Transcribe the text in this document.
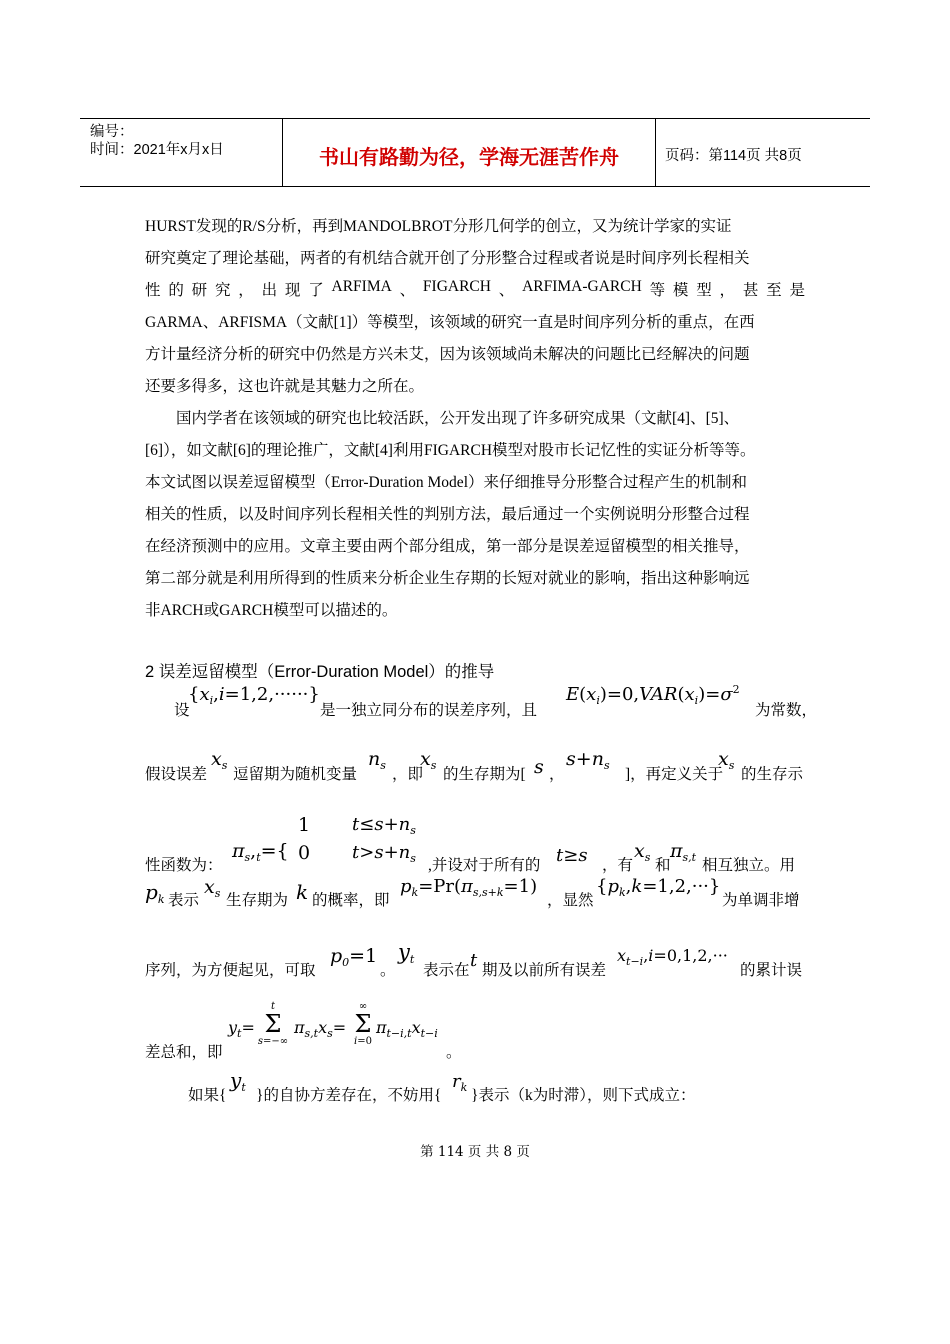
编号：
时间：2021年x月x日	书山有路勤为径，学海无涯苦作舟	页码：第114页 共8页
HURST发现的R/S分析，再到MANDOLBROT分形几何学的创立，又为统计学家的实证
研究奠定了理论基础，两者的有机结合就开创了分形整合过程或者说是时间序列长程相关
性 的 研 究 ， 出 现 了 ARFIMA 、 FIGARCH 、 ARFIMA-GARCH 等 模 型 ， 甚 至 是
GARMA、ARFISMA（文献[1]）等模型，该领域的研究一直是时间序列分析的重点，在西
方计量经济分析的研究中仍然是方兴未艾，因为该领域尚未解决的问题比已经解决的问题
还要多得多，这也许就是其魅力之所在。
国内学者在该领域的研究也比较活跃，公开发出现了许多研究成果（文献[4]、[5]、
[6]），如文献[6]的理论推广，文献[4]利用FIGARCH模型对股市长记忆性的实证分析等等。
本文试图以误差逗留模型（Error-Duration Model）来仔细推导分形整合过程产生的机制和
相关的性质，以及时间序列长程相关性的判别方法，最后通过一个实例说明分形整合过程
在经济预测中的应用。文章主要由两个部分组成，第一部分是误差逗留模型的相关推导，
第二部分就是利用所得到的性质来分析企业生存期的长短对就业的影响，指出这种影响远
非ARCH或GARCH模型可以描述的。
2 误差逗留模型（Error-Duration Model）的推导
设
$\{x_i,i=1,2,\cdot\cdot\cdot\cdot\cdot\cdot\}$
是一独立同分布的误差序列，且
$E(x_i)=0,VAR(x_i)=\sigma^2$
为常数，
假设误差
$x_s$
逗留期为随机变量
$n_s$
，即
$x_s$
的生存期为[ s ，
$s+n_s$
]，再定义关于
$x_s$
的生存示
1 $t\le s+n_s$
性函数为：
$\pi_s,_t=${ 0 $t>s+n_s$ ,并设对于所有的 t≥s ，有
$x_s$ 和
$\pi_{s,t}$ 相互独立。用
$p_k$ 表示
$x_s$ 生存期为 k 的概率，即
$p_k=Pr(\pi_{s,s+k}=1)$
，显然
$\{p_k,k=1,2,\cdot\cdot\cdot\}$
为单调非增
序列，为方便起见，可取
$p_0=1$
。
yt
表示在 t 期及以前所有误差
$x_{t-i},i=0,1,2,\cdot\cdot\cdot$
的累计误
差总和，即
$y_t=$
t
Σ
s=−∞
$\pi_{s,t}x_s=$
∞
Σ
i=0
$\pi_{t-i,t}x_{t-i}$
。
如果{
$y_t$ }的自协方差存在，不妨用{
$r_k$ }表示（k为时滞），则下式成立：
第 114 页 共 8 页
